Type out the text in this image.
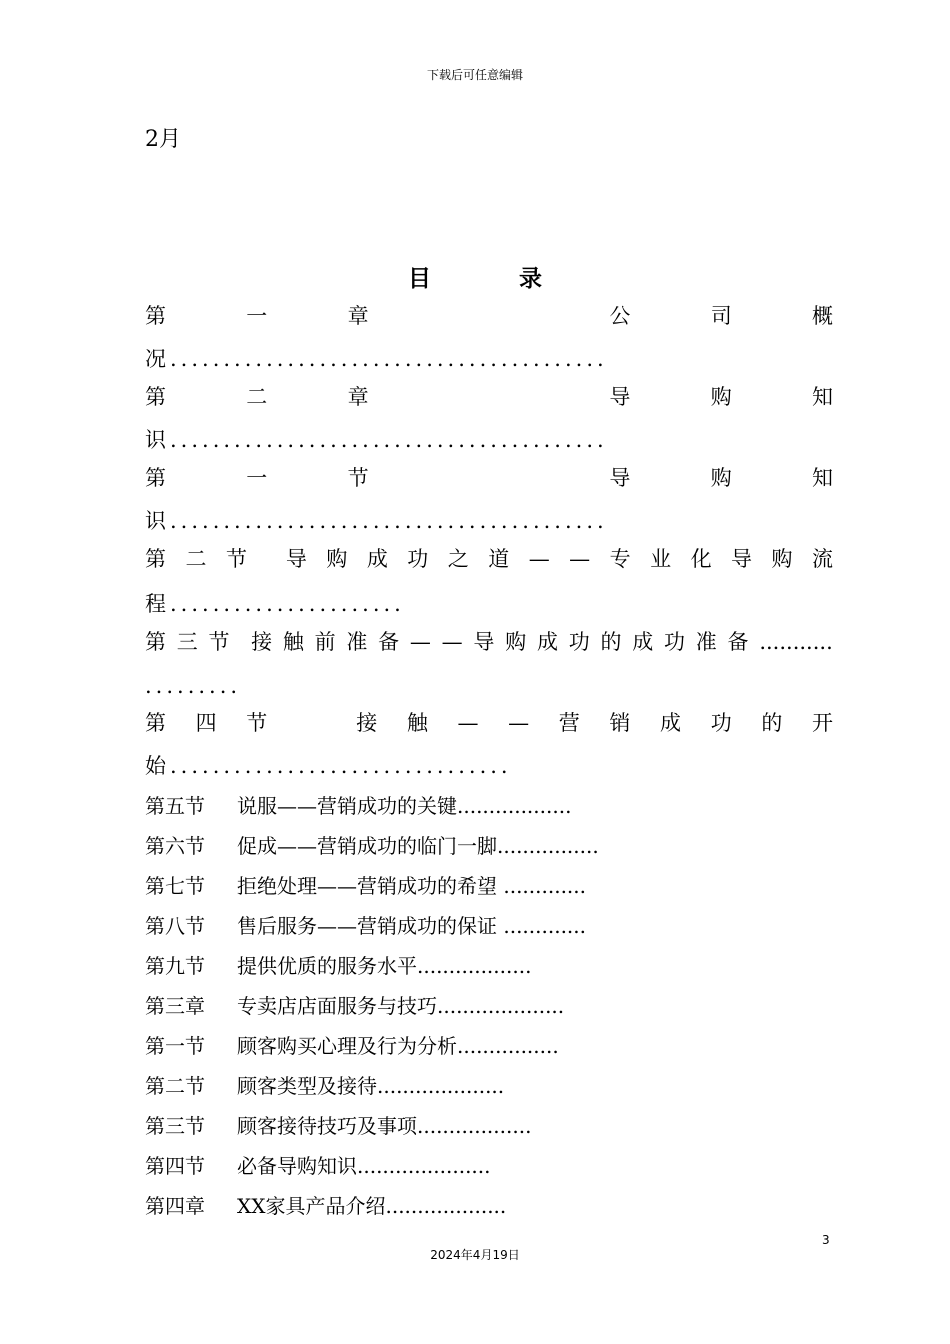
下载后可任意编辑
2月
目 录
第	一	章	公	司	概
况.........................................
第	二	章	导	购	知
识.........................................
第	一	节	导	购	知
识.........................................
第 二 节 导 购 成 功 之 道 — — 专 业 化 导 购 流
程......................
第 三 节 接 触 前 准 备 — — 导 购 成 功 的 成 功 准 备 ...........
.........
第 四 节	接 触 — — 营 销 成 功 的 开
始................................
第五节 说服——营销成功的关键..................
第六节 促成——营销成功的临门一脚................
第七节 拒绝处理——营销成功的希望 .............
第八节 售后服务——营销成功的保证 .............
第九节 提供优质的服务水平..................
第三章 专卖店店面服务与技巧....................
第一节 顾客购买心理及行为分析................
第二节 顾客类型及接待....................
第三节 顾客接待技巧及事项..................
第四节 必备导购知识.....................
第四章 XX家具产品介绍...................
3
2024年4月19日
